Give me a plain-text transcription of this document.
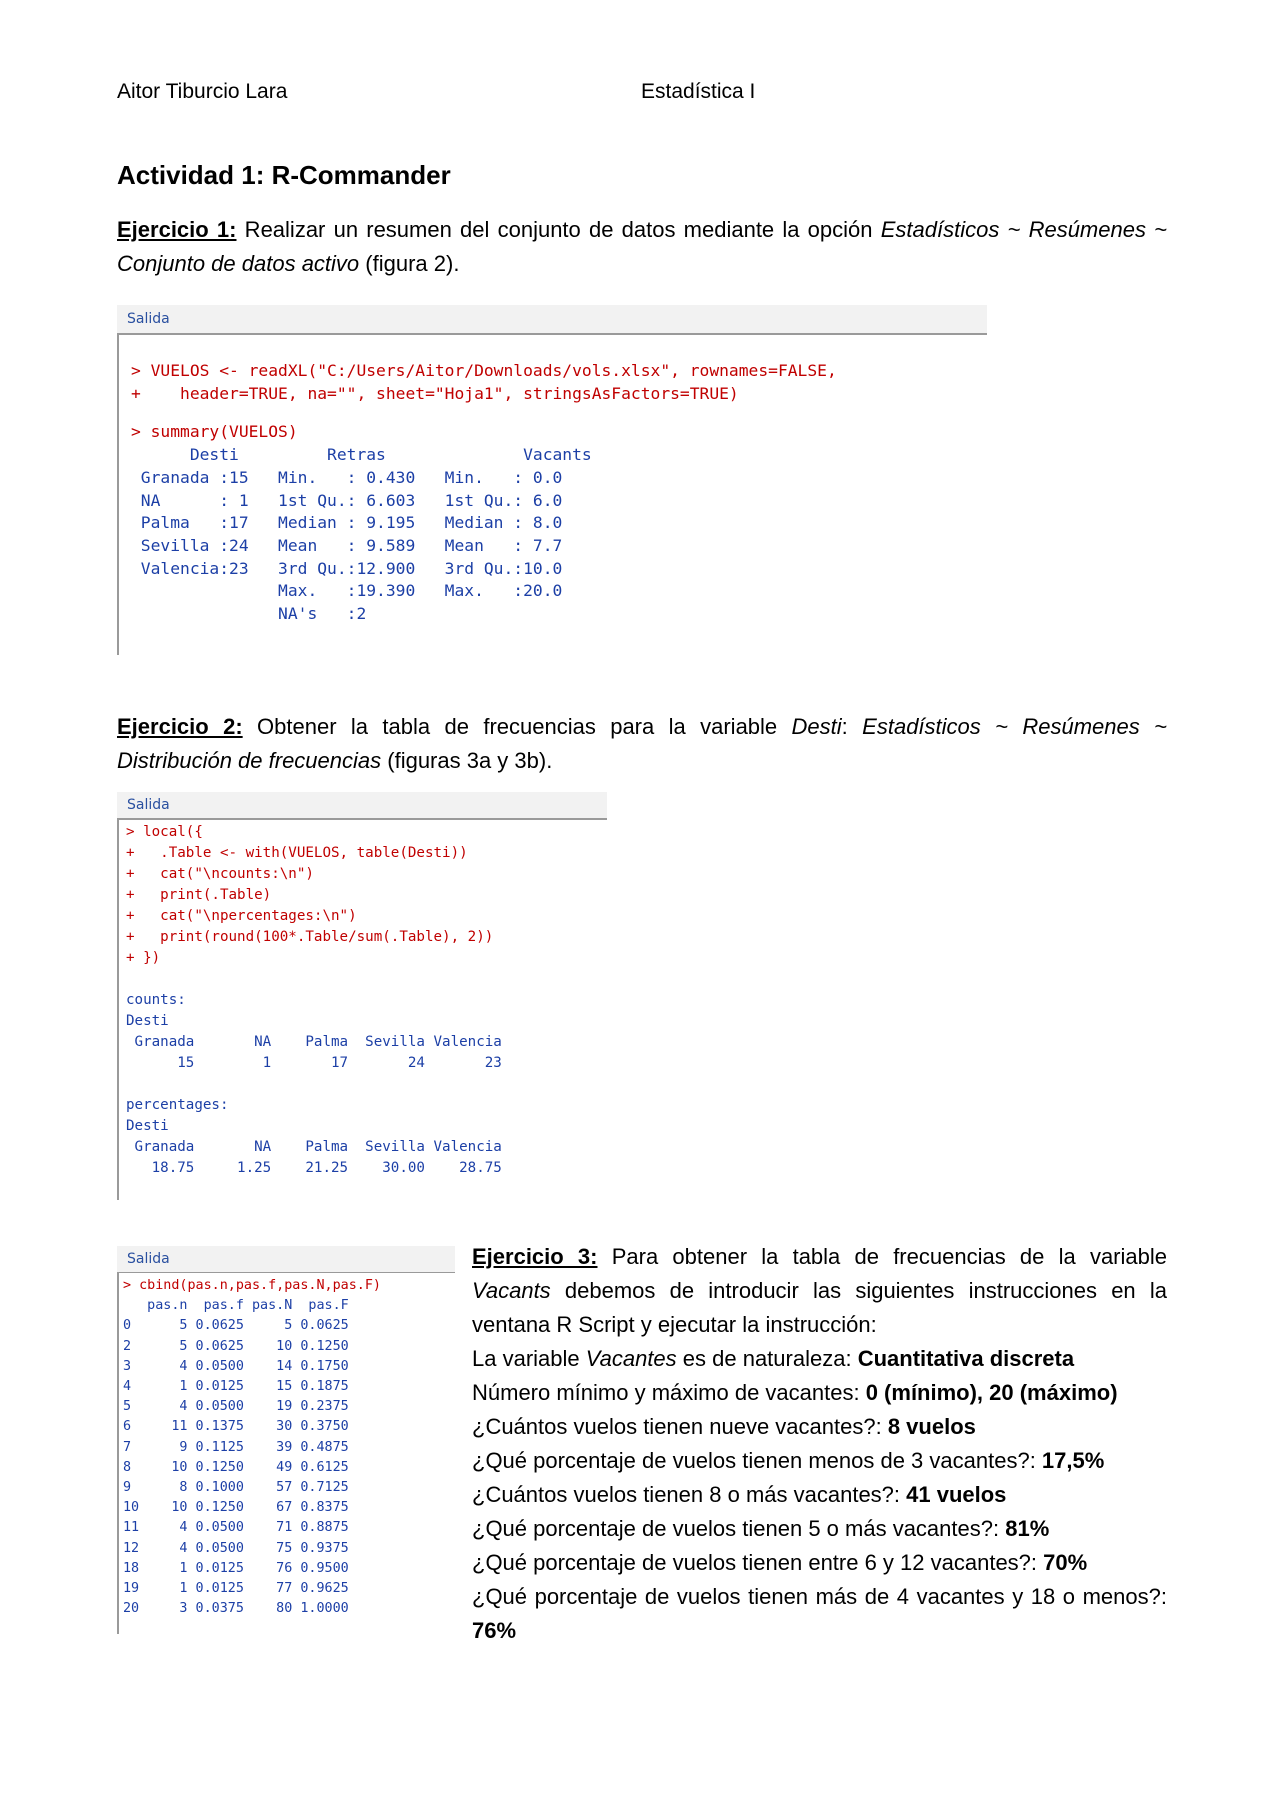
Aitor Tiburcio Lara	Estadística I
Actividad 1: R-Commander
Ejercicio 1: Realizar un resumen del conjunto de datos mediante la opción Estadísticos ~ Resúmenes ~ Conjunto de datos activo (figura 2).
Salida
> VUELOS <- readXL("C:/Users/Aitor/Downloads/vols.xlsx", rownames=FALSE,
+    header=TRUE, na="", sheet="Hoja1", stringsAsFactors=TRUE)
> summary(VUELOS)
Desti         Retras              Vacants
Granada :15   Min.   : 0.430   Min.   : 0.0
NA      : 1   1st Qu.: 6.603   1st Qu.: 6.0
Palma   :17   Median : 9.195   Median : 8.0
Sevilla :24   Mean   : 9.589   Mean   : 7.7
Valencia:23   3rd Qu.:12.900   3rd Qu.:10.0
Max.   :19.390   Max.   :20.0
NA's   :2
Ejercicio 2: Obtener la tabla de frecuencias para la variable Desti: Estadísticos ~ Resúmenes ~ Distribución de frecuencias (figuras 3a y 3b).
Salida
> local({
+   .Table <- with(VUELOS, table(Desti))
+   cat("\ncounts:\n")
+   print(.Table)
+   cat("\npercentages:\n")
+   print(round(100*.Table/sum(.Table), 2))
+ })

counts:
Desti
Granada       NA    Palma  Sevilla Valencia
15        1       17       24       23

percentages:
Desti
Granada       NA    Palma  Sevilla Valencia
18.75     1.25    21.25    30.00    28.75
Salida
> cbind(pas.n,pas.f,pas.N,pas.F)
pas.n  pas.f pas.N  pas.F
0      5 0.0625     5 0.0625
2      5 0.0625    10 0.1250
3      4 0.0500    14 0.1750
4      1 0.0125    15 0.1875
5      4 0.0500    19 0.2375
6     11 0.1375    30 0.3750
7      9 0.1125    39 0.4875
8     10 0.1250    49 0.6125
9      8 0.1000    57 0.7125
10    10 0.1250    67 0.8375
11     4 0.0500    71 0.8875
12     4 0.0500    75 0.9375
18     1 0.0125    76 0.9500
19     1 0.0125    77 0.9625
20     3 0.0375    80 1.0000

Ejercicio 3: Para obtener la tabla de frecuencias de la variable Vacants debemos de introducir las siguientes instrucciones en la ventana R Script y ejecutar la instrucción:

La variable Vacantes es de naturaleza: Cuantitativa discreta

Número mínimo y máximo de vacantes: 0 (mínimo), 20 (máximo)

¿Cuántos vuelos tienen nueve vacantes?: 8 vuelos

¿Qué porcentaje de vuelos tienen menos de 3 vacantes?: 17,5%

¿Cuántos vuelos tienen 8 o más vacantes?: 41 vuelos

¿Qué porcentaje de vuelos tienen 5 o más vacantes?: 81%

¿Qué porcentaje de vuelos tienen entre 6 y 12 vacantes?: 70%

¿Qué porcentaje de vuelos tienen más de 4 vacantes y 18 o menos?: 76%
